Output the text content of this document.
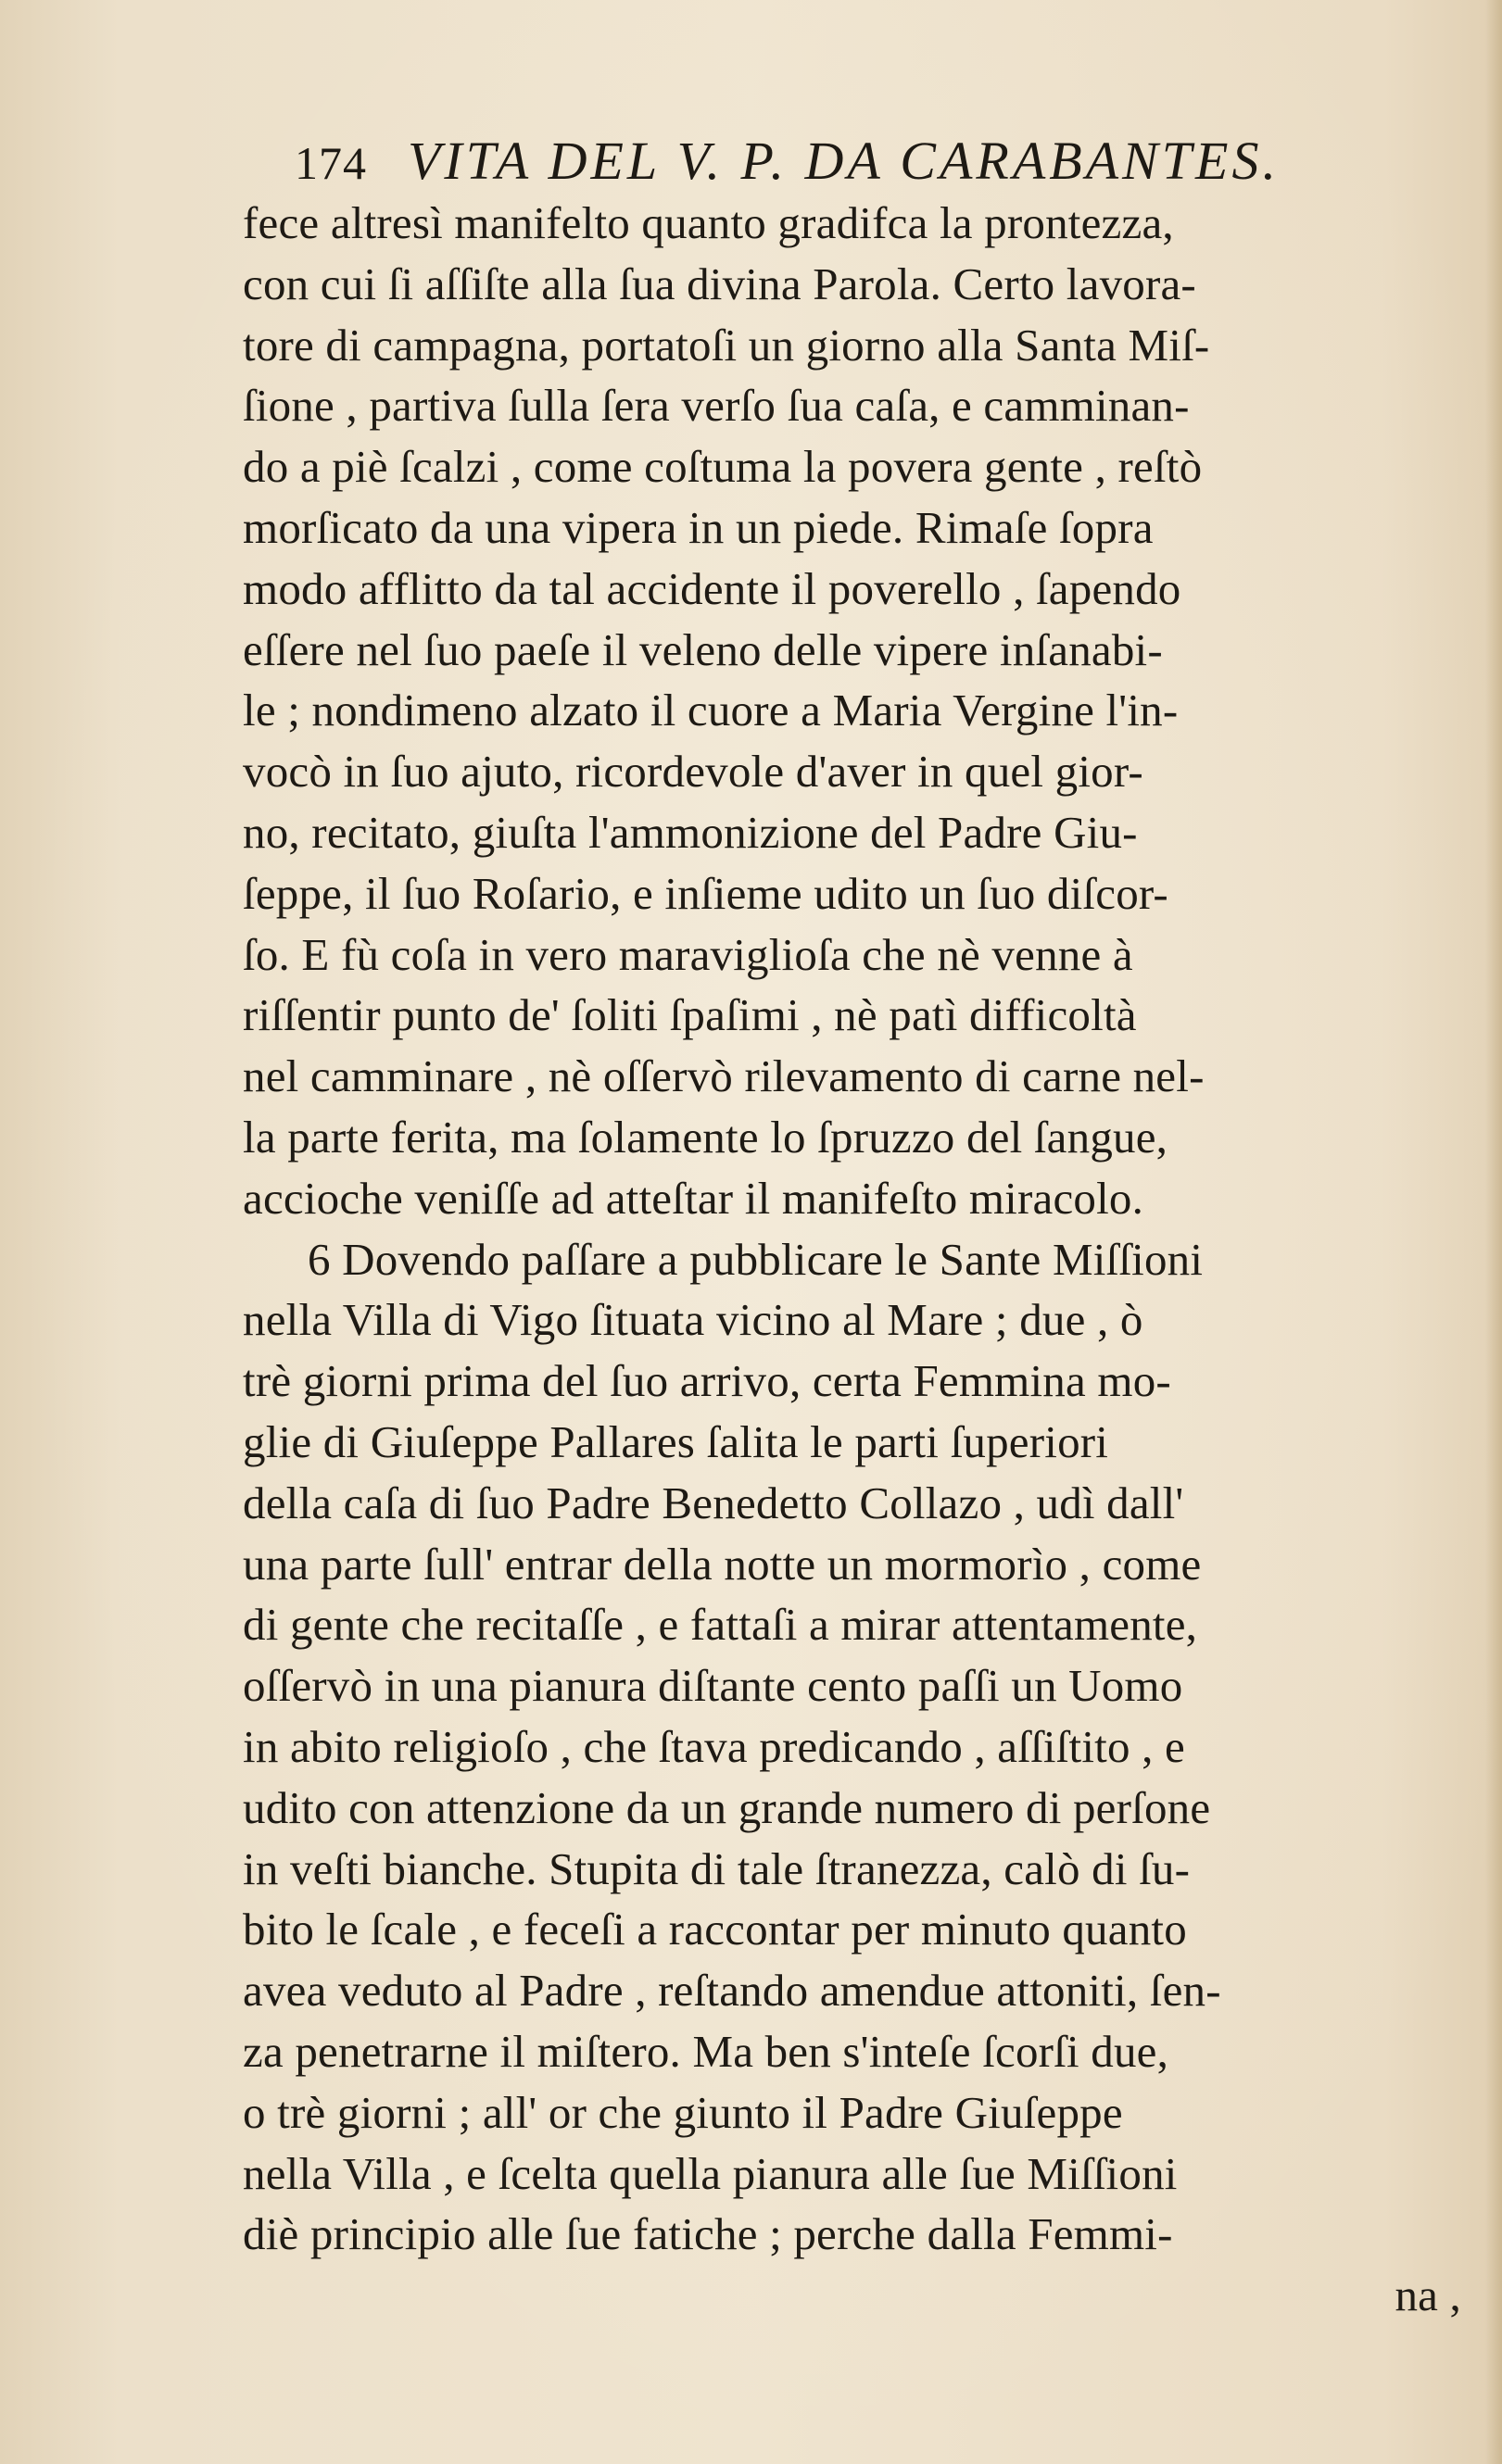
174 VITA DEL V. P. DA CARABANTES.
fece altresì manifelto quanto gradifca la prontezza,
con cui ſi aſſiſte alla ſua divina Parola. Certo lavora-
tore di campagna, portatoſi un giorno alla Santa Miſ-
ſione , partiva ſulla ſera verſo ſua caſa, e camminan-
do a piè ſcalzi , come coſtuma la povera gente , reſtò
morſicato da una vipera in un piede. Rimaſe ſopra
modo afflitto da tal accidente il poverello , ſapendo
eſſere nel ſuo paeſe il veleno delle vipere inſanabi-
le ; nondimeno alzato il cuore a Maria Vergine l'in-
vocò in ſuo ajuto, ricordevole d'aver in quel gior-
no, recitato, giuſta l'ammonizione del Padre Giu-
ſeppe, il ſuo Roſario, e inſieme udito un ſuo diſcor-
ſo. E fù coſa in vero maraviglioſa che nè venne à
riſſentir punto de' ſoliti ſpaſimi , nè patì difficoltà
nel camminare , nè oſſervò rilevamento di carne nel-
la parte ferita, ma ſolamente lo ſpruzzo del ſangue,
accioche veniſſe ad atteſtar il manifeſto miracolo.
6 Dovendo paſſare a pubblicare le Sante Miſſioni
nella Villa di Vigo ſituata vicino al Mare ; due , ò
trè giorni prima del ſuo arrivo, certa Femmina mo-
glie di Giuſeppe Pallares ſalita le parti ſuperiori
della caſa di ſuo Padre Benedetto Collazo , udì dall'
una parte ſull' entrar della notte un mormorìo , come
di gente che recitaſſe , e fattaſi a mirar attentamente,
oſſervò in una pianura diſtante cento paſſi un Uomo
in abito religioſo , che ſtava predicando , aſſiſtito , e
udito con attenzione da un grande numero di perſone
in veſti bianche. Stupita di tale ſtranezza, calò di ſu-
bito le ſcale , e feceſi a raccontar per minuto quanto
avea veduto al Padre , reſtando amendue attoniti, ſen-
za penetrarne il miſtero. Ma ben s'inteſe ſcorſi due,
o trè giorni ; all' or che giunto il Padre Giuſeppe
nella Villa , e ſcelta quella pianura alle ſue Miſſioni
diè principio alle ſue fatiche ; perche dalla Femmi-
na ,
